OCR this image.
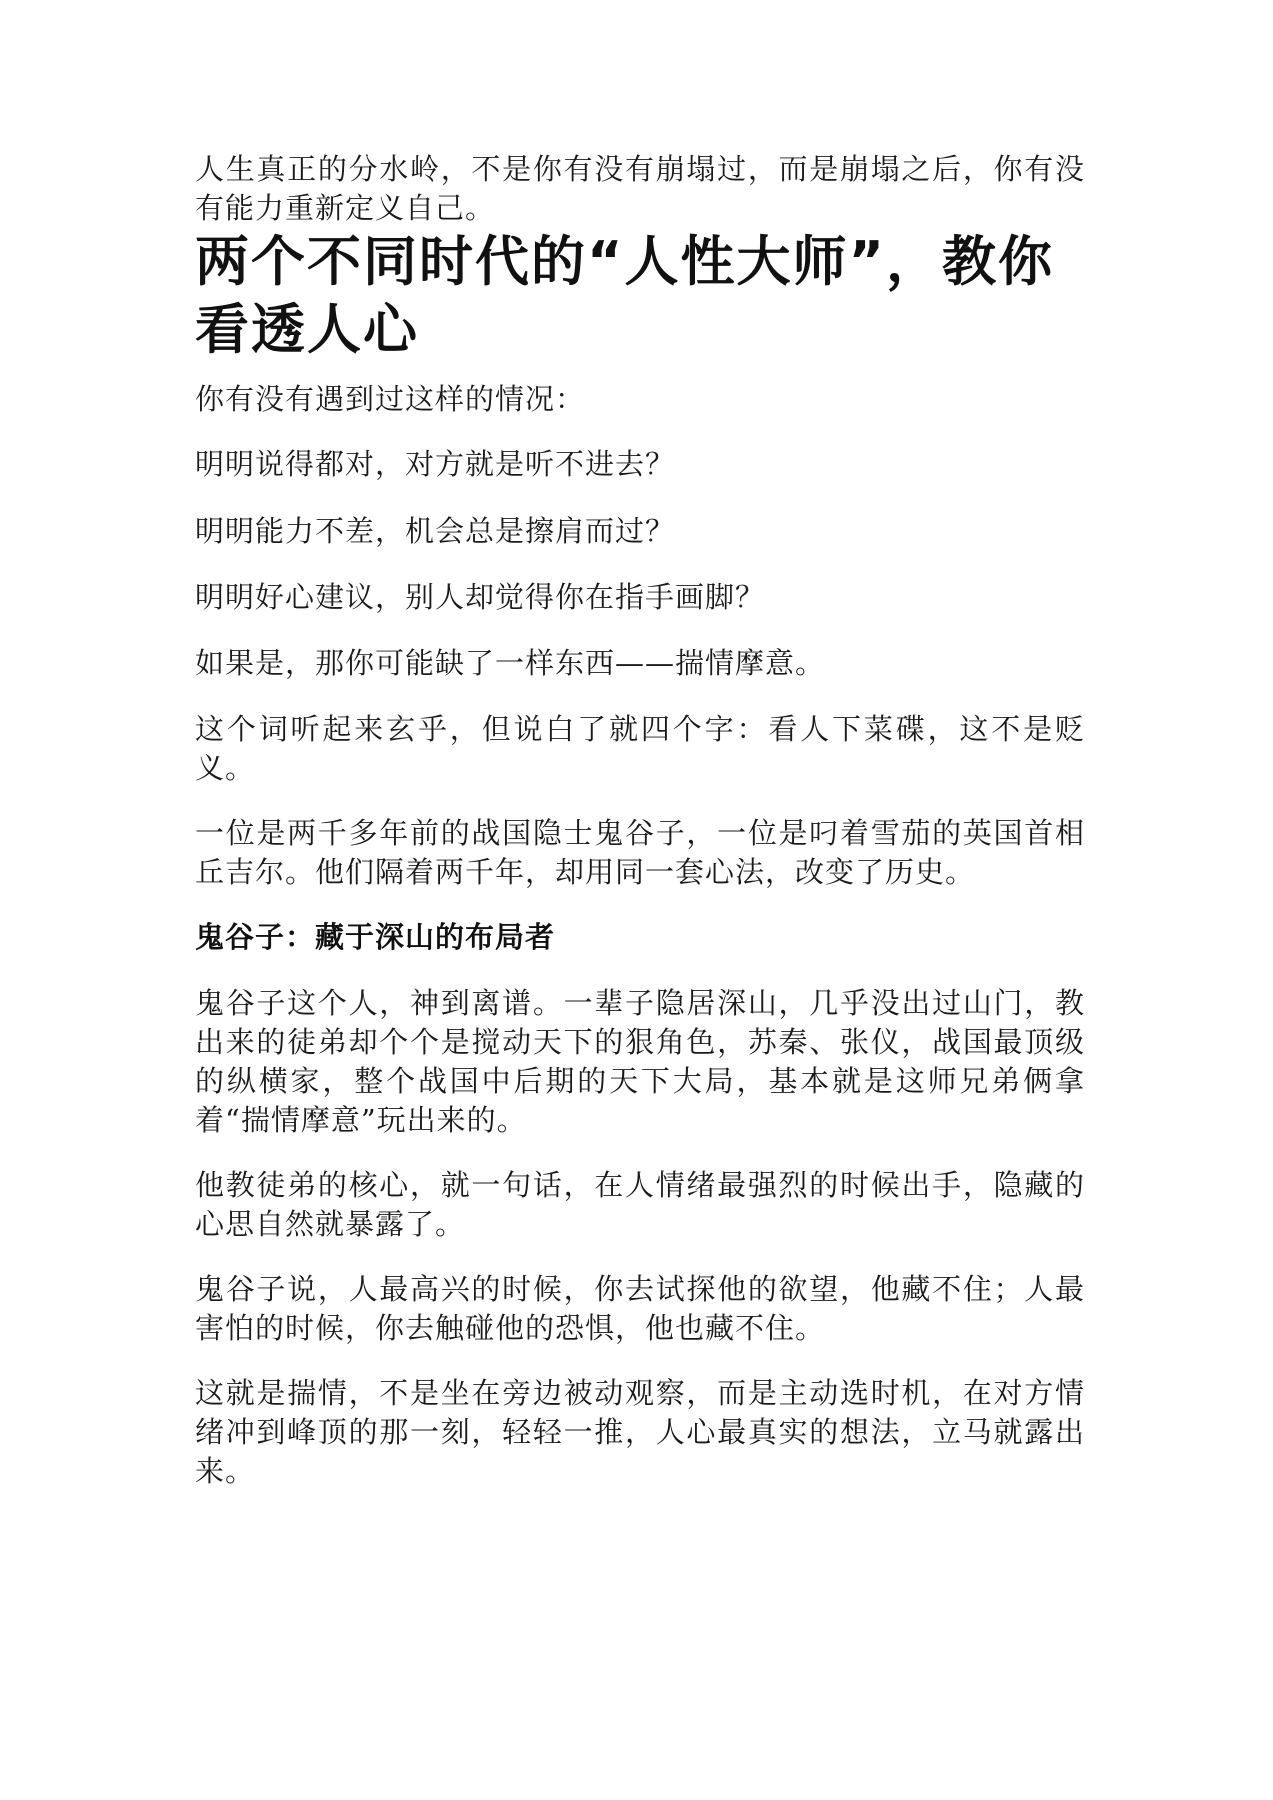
人生真正的分水岭，不是你有没有崩塌过，而是崩塌之后，你有没有能力重新定义自己。

两个不同时代的“人性大师”，教你看透人心

你有没有遇到过这样的情况：

明明说得都对，对方就是听不进去？

明明能力不差，机会总是擦肩而过？

明明好心建议，别人却觉得你在指手画脚？

如果是，那你可能缺了一样东西——揣情摩意。

这个词听起来玄乎，但说白了就四个字：看人下菜碟，这不是贬义。

一位是两千多年前的战国隐士鬼谷子，一位是叼着雪茄的英国首相丘吉尔。他们隔着两千年，却用同一套心法，改变了历史。

鬼谷子：藏于深山的布局者

鬼谷子这个人，神到离谱。一辈子隐居深山，几乎没出过山门，教出来的徒弟却个个是搅动天下的狠角色，苏秦、张仪，战国最顶级的纵横家，整个战国中后期的天下大局，基本就是这师兄弟俩拿着“揣情摩意”玩出来的。

他教徒弟的核心，就一句话，在人情绪最强烈的时候出手，隐藏的心思自然就暴露了。

鬼谷子说，人最高兴的时候，你去试探他的欲望，他藏不住；人最害怕的时候，你去触碰他的恐惧，他也藏不住。

这就是揣情，不是坐在旁边被动观察，而是主动选时机，在对方情绪冲到峰顶的那一刻，轻轻一推，人心最真实的想法，立马就露出来。
